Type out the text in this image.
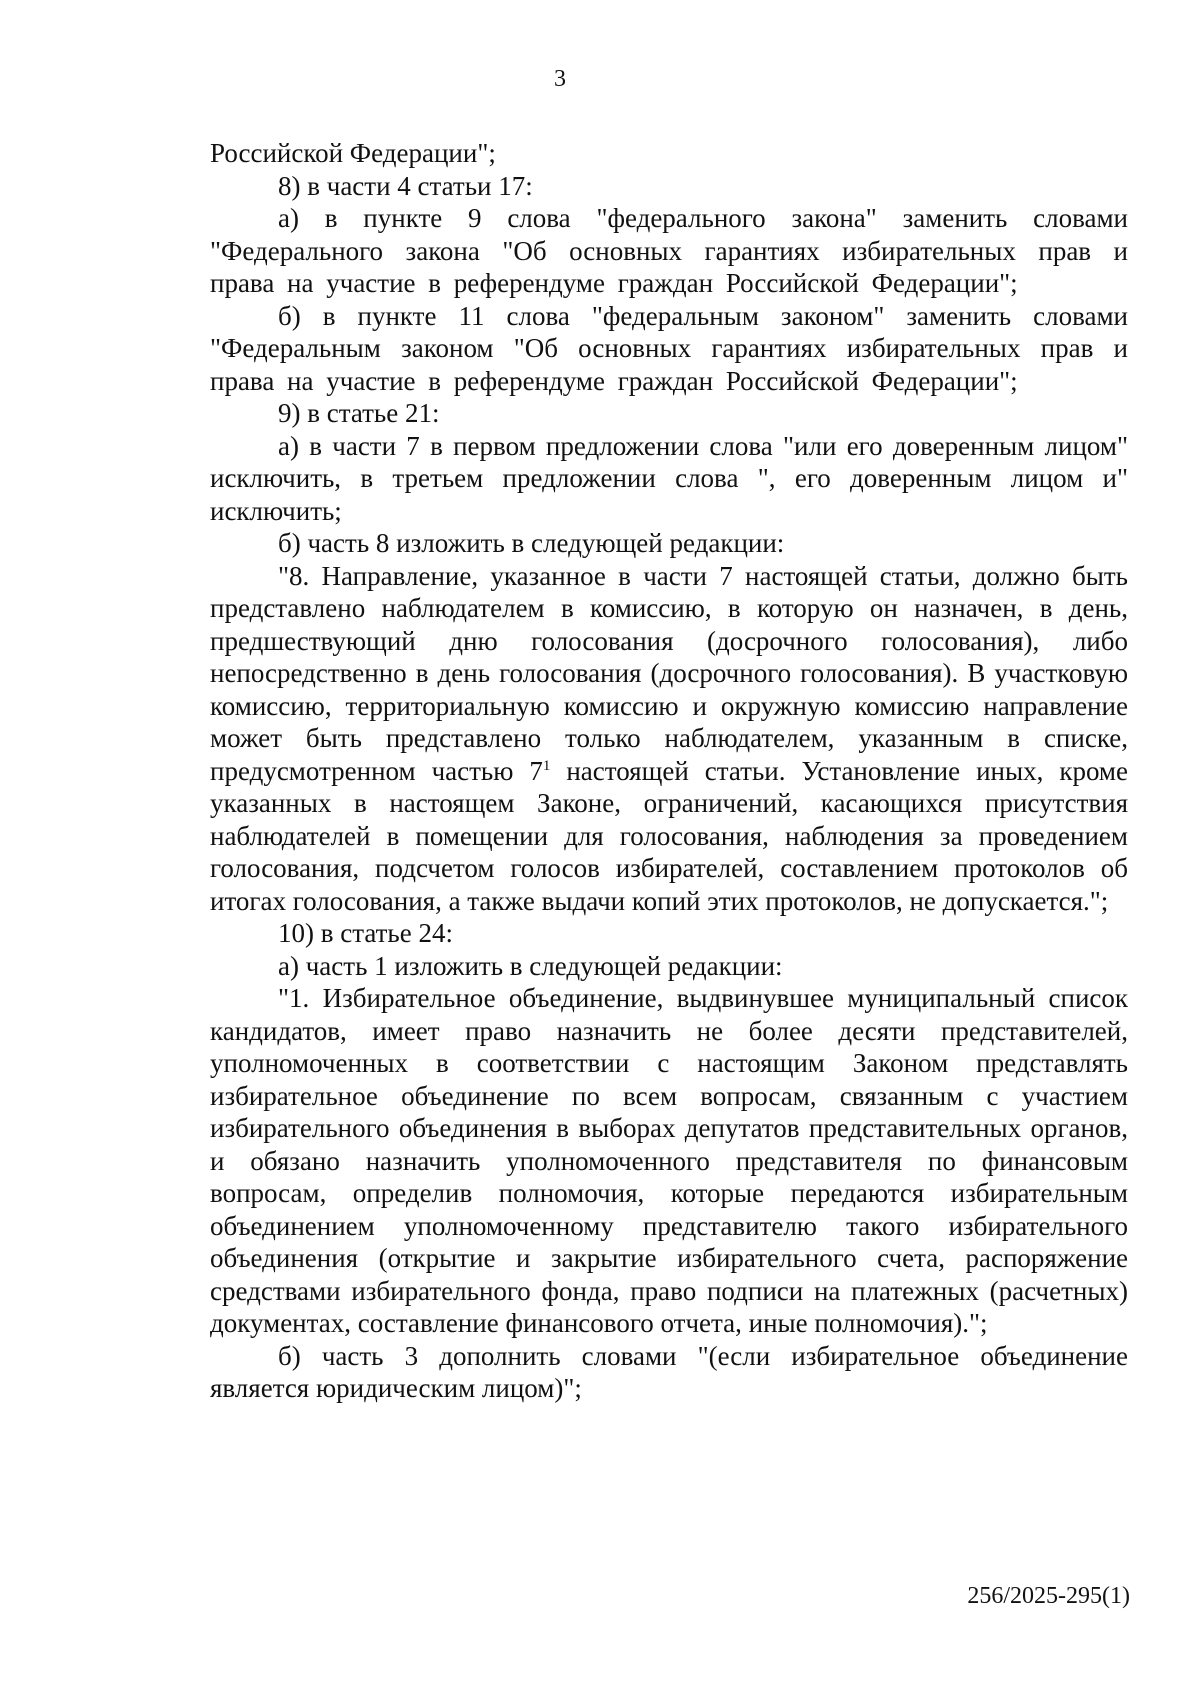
3

Российской Федерации";

8) в части 4 статьи 17:

а) в пункте 9 слова "федерального закона" заменить словами "Федерального закона "Об основных гарантиях избирательных прав и права на участие в референдуме граждан Российской Федерации";

б) в пункте 11 слова "федеральным законом" заменить словами "Федеральным законом "Об основных гарантиях избирательных прав и права на участие в референдуме граждан Российской Федерации";

9) в статье 21:

а) в части 7 в первом предложении слова "или его доверенным лицом" исключить, в третьем предложении слова ", его доверенным лицом и" исключить;

б) часть 8 изложить в следующей редакции:

"8. Направление, указанное в части 7 настоящей статьи, должно быть представлено наблюдателем в комиссию, в которую он назначен, в день, предшествующий дню голосования (досрочного голосования), либо непосредственно в день голосования (досрочного голосования). В участковую комиссию, территориальную комиссию и окружную комиссию направление может быть представлено только наблюдателем, указанным в списке, предусмотренном частью $7^1$ настоящей статьи. Установление иных, кроме указанных в настоящем Законе, ограничений, касающихся присутствия наблюдателей в помещении для голосования, наблюдения за проведением голосования, подсчетом голосов избирателей, составлением протоколов об итогах голосования, а также выдачи копий этих протоколов, не допускается.";

10) в статье 24:

а) часть 1 изложить в следующей редакции:

"1. Избирательное объединение, выдвинувшее муниципальный список кандидатов, имеет право назначить не более десяти представителей, уполномоченных в соответствии с настоящим Законом представлять избирательное объединение по всем вопросам, связанным с участием избирательного объединения в выборах депутатов представительных органов, и обязано назначить уполномоченного представителя по финансовым вопросам, определив полномочия, которые передаются избирательным объединением уполномоченному представителю такого избирательного объединения (открытие и закрытие избирательного счета, распоряжение средствами избирательного фонда, право подписи на платежных (расчетных) документах, составление финансового отчета, иные полномочия).";

б) часть 3 дополнить словами "(если избирательное объединение является юридическим лицом)";

256/2025-295(1)
